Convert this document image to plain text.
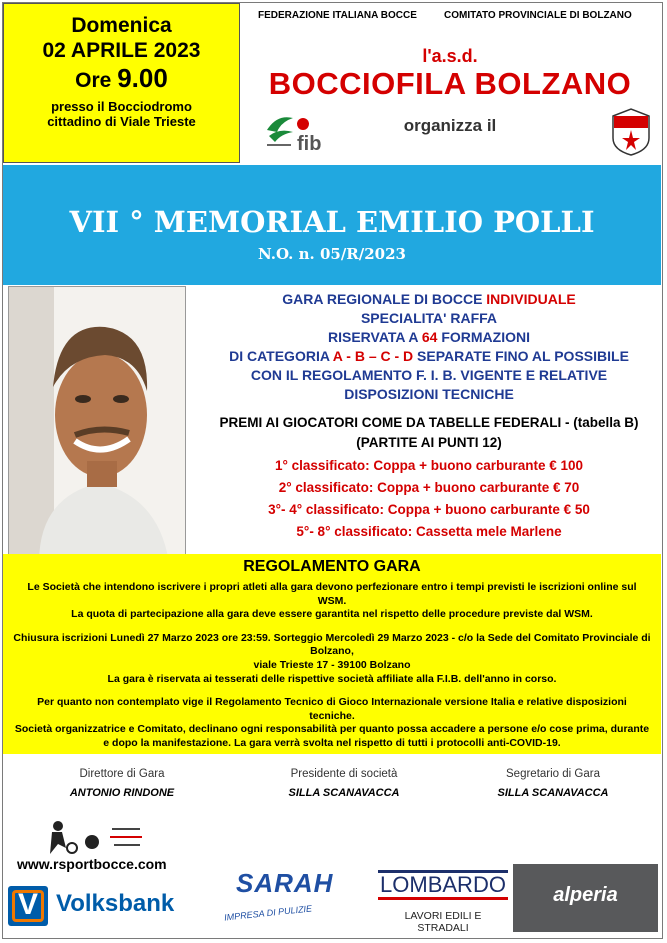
Domenica
02 APRILE 2023
Ore 9.00
presso il Bocciodromo
cittadino di Viale Trieste
FEDERAZIONE ITALIANA BOCCE	COMITATO PROVINCIALE DI BOLZANO
l'a.s.d.
BOCCIOFILA BOLZANO
organizza il
fib
VII ° MEMORIAL EMILIO POLLI
N.O. n. 05/R/2023
GARA REGIONALE DI BOCCE INDIVIDUALE
SPECIALITA' RAFFA
RISERVATA A 64 FORMAZIONI
DI CATEGORIA A - B – C - D SEPARATE FINO AL POSSIBILE
CON IL REGOLAMENTO F. I. B. VIGENTE E RELATIVE
DISPOSIZIONI TECNICHE
PREMI AI GIOCATORI COME DA TABELLE FEDERALI - (tabella B)
(PARTITE AI PUNTI 12)
1° classificato: Coppa + buono carburante € 100
2° classificato: Coppa + buono carburante € 70
3°- 4° classificato: Coppa + buono carburante € 50
5°- 8° classificato: Cassetta mele Marlene
REGOLAMENTO GARA

Le Società che intendono iscrivere i propri atleti alla gara devono perfezionare entro i tempi previsti le iscrizioni online sul WSM.

La quota di partecipazione alla gara deve essere garantita nel rispetto delle procedure previste dal WSM.

Chiusura iscrizioni Lunedì 27 Marzo 2023 ore 23:59. Sorteggio Mercoledì 29 Marzo 2023 - c/o la Sede del Comitato Provinciale di Bolzano,

viale Trieste 17 - 39100 Bolzano

La gara è riservata ai tesserati delle rispettive società affiliate alla F.I.B. dell'anno in corso.

Per quanto non contemplato vige il Regolamento Tecnico di Gioco Internazionale versione Italia e relative disposizioni tecniche.

Società organizzatrice e Comitato, declinano ogni responsabilità per quanto possa accadere a persone e/o cose prima, durante e dopo la manifestazione. La gara verrà svolta nel rispetto di tutti i protocolli anti-COVID-19.

Direttore di Gara
ANTONIO RINDONE
Presidente di società
SILLA SCANAVACCA
Segretario di Gara
SILLA SCANAVACCA
www.rsportbocce.com
V Volksbank
SARAH
IMPRESA DI PULIZIE
LOMBARDO
LAVORI EDILI E STRADALI
alperia
